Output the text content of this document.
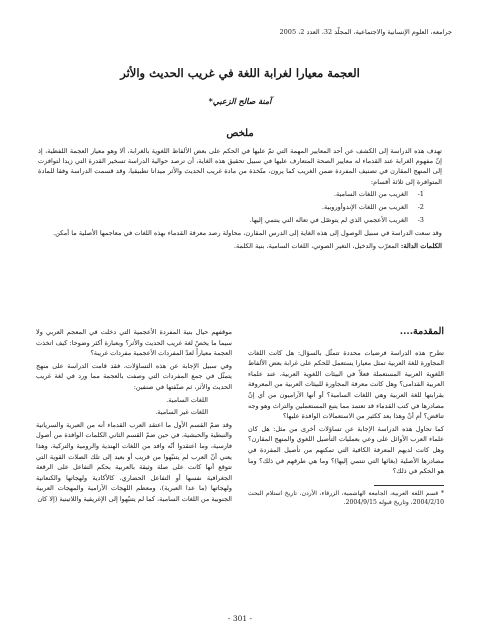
جرامعه، العلوم الإنسانية والاجتماعية، المجلّد 32، العدد 2، 2005
العجمة معيارا لغرابة اللغة في غريب الحديث والأثر
آمنة صالح الزعبي*
ملخص

تهدف هذه الدراسة إلى الكشف عن أحد المعايير المهمة التي تمّ عليها في الحكم على بعض الألفاظ اللغوية بالغرابة، ألا وهو معيار العجمة اللفظية، إذ إنّ مفهوم الغرابة عند القدماء له معايير الصحة المتعارف عليها في سبيل تحقيق هذه الغاية، أن ترصد حوالية الدراسة تسخير القدرة التي زيدا لتوافرت إلى المنهج المقارن في تصنيف المفردة ضمن الغريب كما يرون، متّخذة من مادة غريب الحديث والأثر ميدانا تطبيقيا، وقد قسمت الدراسة وفقا للمادة المتوافرة إلى ثلاثة أقسام:

1-الغريب من اللغات السامية.
2-الغريب من اللغات الإندوأوروبية.
3-الغريب الأعجمي الذي لم يتوصّل في تعاله التي ينتمي إليها.

وقد سعت الدراسة في سبيل الوصول إلى هذه الغاية إلى الدرس المقارن، محاولة رصد معرفة القدماء بهذه اللغات في معاجمها الأصلية ما أمكن.

الكلمات الدالة: المعرّب والدخيل، التغير الصوتي، اللغات السامية، بنية الكلمة.

المقدمة....

تطرح هذه الدراسة فرضيات محددة تتمثّل بالسؤال: هل كانت اللغات المجاورة للغة العربية تمثل معيارا يستعمل للحكم على غرابة بعض الألفاظ اللغوية العربية المستعملة فعلاً في البيئات اللغوية العربية، عند علماء العربية القدامى؟ وهل كانت معرفة المجاورة للبيئات العربية من المعروفة بقرابتها للغة العربية وهي اللغات السامية؟ أو أنها الآراميون من أي إنّ مصادرها في كتب القدماء قد تعتمد مما يتبع المستعملين والتراث وهو وجه تناقض؟ أم أنّ وهذا بعد ككثير من الاستعمالات الوافدة عليها؟

كما تحاول هذه الدراسة الإجابة عن تساؤلات أخرى من مثل: هل كان علماء العرب الأوائل على وعي بعمليات التأصيل اللغوي والمنهج المقارن؟ وهل كانت لديهم المعرفة الكافية التي تمكنهم من تأصيل المفردة في مصادرها الأصلية (بغائها التي تنتمي إليها)؟ وما هي طرقهم في ذلك؟ وما هو الحكم في ذلك؟

* قسم اللغة العربية، الجامعة الهاشمية، الزرقاء، الأردن. تاريخ استلام البحث 2004/2/10، وتاريخ قبوله 2004/9/15.

موقفهم حيال بنية المفردة الأعجمية التي دخلت في المعجم العربي ولا سيما ما يخصّ لغة غريب الحديث والأثر؟ وبعبارة أكثر وضوحا: كيف اتخذت العجمة معياراً لعدّ المفردات الأعجمية مفردات غريبة؟

وفي سبيل الإجابة عن هذه التساؤلات، فقد قامت الدراسة على منهج يتمثّل في جمع المفردات التي وصفت بالعجمة مما ورد في لغة غريب الحديث والأثر، ثم صنّفتها في صنفين:

اللغات السامية.

اللغات غير السامية.

وقد ضمّ القسم الأول ما اعتقد العرب القدماء أنه من العبرية والسريانية والنبطية والحبشية، في حين ضمّ القسم الثاني الكلمات الوافدة من أصول فارسية، وما اعتقدوا أنّه وافد من اللغات الهندية والرومية والتركية، وهذا يعني أنّ العرب لم يتنبّهوا من قريب أو بعيد إلى تلك الصلات القوية التي تتوقع أنها كانت على صلة وثيقة بالعربية بحكم التفاعل على الرقعة الجغرافية نفسها أو التفاعل الحضاري، كالأكادية ولهجاتها والكنعانية ولهجاتها (ما عدا العبرية)، ومعظم اللهجات الآرامية والمهجات العربية الجنوبية من اللغات السامية، كما لم يتنبّهوا إلى الإغريقية واللاتينية (إلا كان

- 301 -
